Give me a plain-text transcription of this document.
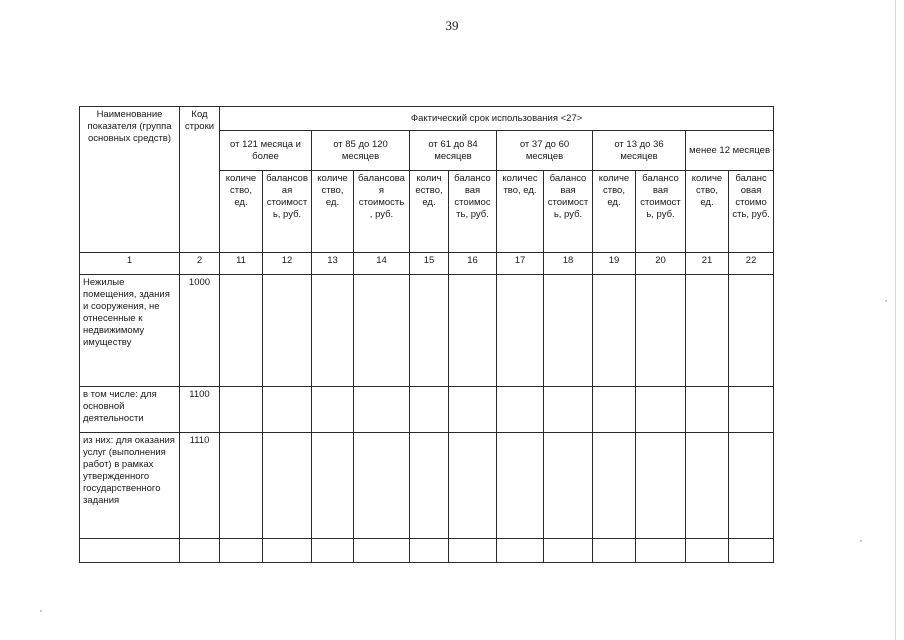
39
Наименование показателя (группа основных средств)	Код строки	Фактический срок использования <27>											
		от 121 месяца и более		от 85 до 120 месяцев		от 61 до 84 месяцев		от 37 до 60 месяцев		от 13 до 36 месяцев		менее 12 месяцев	
		количе ство, ед.	балансов ая стоимост ь, руб.	количе ство, ед.	балансова я стоимость , руб.	колич ество, ед.	балансо вая стоимос ть, руб.	количес тво, ед.	балансо вая стоимост ь, руб.	количе ство, ед.	балансо вая стоимост ь, руб.	количе ство, ед.	баланс овая стоимо сть, руб.
1	2	11	12	13	14	15	16	17	18	19	20	21	22
Нежилые помещения, здания и сооружения, не отнесенные к недвижимому имуществу	1000												
в том числе: для основной деятельности	1100												
из них: для оказания услуг (выполнения работ) в рамках утвержденного государственного задания	1110												
